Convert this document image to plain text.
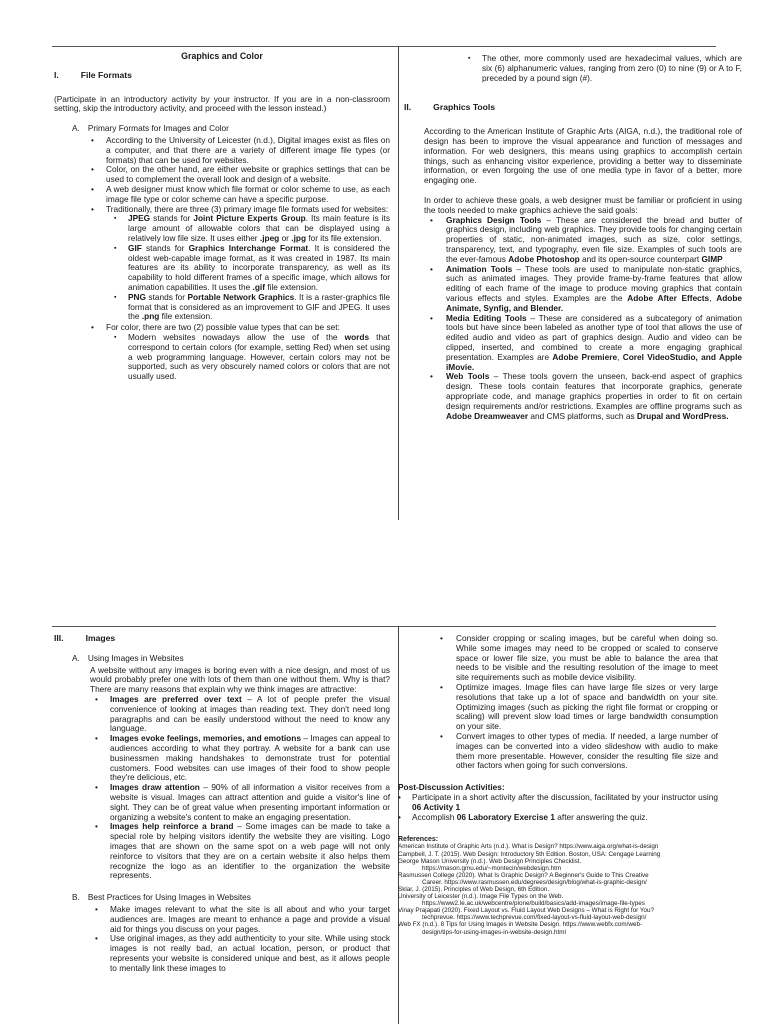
Graphics and Color
I.	File Formats

(Participate in an introductory activity by your instructor. If you are in a non-classroom setting, skip the introductory activity, and proceed with the lesson instead.)

A. Primary Formats for Images and Color
• According to the University of Leicester (n.d.), Digital images exist as files on a computer, and that there are a variety of different image file types (or formats) that can be used for websites.
• Color, on the other hand, are either website or graphics settings that can be used to complement the overall look and design of a website.
• A web designer must know which file format or color scheme to use, as each image file type or color scheme can have a specific purpose.
• Traditionally, there are three (3) primary image file formats used for websites:
▪ JPEG stands for Joint Picture Experts Group. Its main feature is its large amount of allowable colors that can be displayed using a relatively low file size. It uses either .jpeg or .jpg for its file extension.
▪ GIF stands for Graphics Interchange Format. It is considered the oldest web-capable image format, as it was created in 1987. Its main features are its ability to incorporate transparency, as well as its capability to hold different frames of a specific image, which allows for animation capabilities. It uses the .gif file extension.
▪ PNG stands for Portable Network Graphics. It is a raster-graphics file format that is considered as an improvement to GIF and JPEG. It uses the .png file extension.
• For color, there are two (2) possible value types that can be set:
▪ Modern websites nowadays allow the use of the words that correspond to certain colors (for example, setting Red) when set using a web programming language. However, certain colors may not be supported, such as very obscurely named colors or colors that are not usually used.
▪ The other, more commonly used are hexadecimal values, which are six (6) alphanumeric values, ranging from zero (0) to nine (9) or A to F, preceded by a pound sign (#).
II.	Graphics Tools

According to the American Institute of Graphic Arts (AIGA, n.d.), the traditional role of design has been to improve the visual appearance and function of messages and information. For web designers, this means using graphics to accomplish certain things, such as enhancing visitor experience, providing a better way to disseminate information, or even forgoing the use of one media type in favor of a better, more engaging one.

In order to achieve these goals, a web designer must be familiar or proficient in using the tools needed to make graphics achieve the said goals:

• Graphics Design Tools – These are considered the bread and butter of graphics design, including web graphics. They provide tools for changing certain properties of static, non-animated images, such as size, color settings, transparency, text, and typography, even file size. Examples of such tools are the ever-famous Adobe Photoshop and its open-source counterpart GIMP
• Animation Tools – These tools are used to manipulate non-static graphics, such as animated images. They provide frame-by-frame features that allow editing of each frame of the image to produce moving graphics that contain various effects and styles. Examples are the Adobe After Effects, Adobe Animate, Synfig, and Blender.
• Media Editing Tools – These are considered as a subcategory of animation tools but have since been labeled as another type of tool that allows the use of edited audio and video as part of graphics design. Audio and video can be clipped, inserted, and combined to create a more engaging graphical presentation. Examples are Adobe Premiere, Corel VideoStudio, and Apple iMovie.
• Web Tools – These tools govern the unseen, back-end aspect of graphics design. These tools contain features that incorporate graphics, generate appropriate code, and manage graphics properties in order to fit on certain design requirements and/or restrictions. Examples are offline programs such as Adobe Dreamweaver and CMS platforms, such as Drupal and WordPress.
III.	Images
A. Using Images in Websites

A website without any images is boring even with a nice design, and most of us would probably prefer one with lots of them than one without them. Why is that? There are many reasons that explain why we think images are attractive:

• Images are preferred over text – A lot of people prefer the visual convenience of looking at images than reading text. They don't need long paragraphs and can be easily understood without the need to know any language.
• Images evoke feelings, memories, and emotions – Images can appeal to audiences according to what they portray. A website for a bank can use businessmen making handshakes to demonstrate trust for potential customers. Food websites can use images of their food to show people they're delicious, etc.
• Images draw attention – 90% of all information a visitor receives from a website is visual. Images can attract attention and guide a visitor's line of sight. They can be of great value when presenting important information or organizing a website's content to make an engaging presentation.
• Images help reinforce a brand – Some images can be made to take a special role by helping visitors identify the website they are visiting. Logo images that are shown on the same spot on a web page will not only reinforce to visitors that they are on a certain website it also helps them recognize the logo as an identifier to the organization the website represents.
B. Best Practices for Using Images in Websites
• Make images relevant to what the site is all about and who your target audiences are. Images are meant to enhance a page and provide a visual aid for things you discuss on your pages.
• Use original images, as they add authenticity to your site. While using stock images is not really bad, an actual location, person, or product that represents your website is considered unique and best, as it allows people to mentally link these images to
• Consider cropping or scaling images, but be careful when doing so. While some images may need to be cropped or scaled to conserve space or lower file size, you must be able to balance the area that needs to be visible and the resulting resolution of the image to meet site requirements such as mobile device visibility.
• Optimize images. Image files can have large file sizes or very large resolutions that take up a lot of space and bandwidth on your site. Optimizing images (such as picking the right file format or cropping or scaling) will prevent slow load times or large bandwidth consumption on your site.
• Convert images to other types of media. If needed, a large number of images can be converted into a video slideshow with audio to make them more presentable. However, consider the resulting file size and other factors when going for such conversions.
Post-Discussion Activities:
• Participate in a short activity after the discussion, facilitated by your instructor using 06 Activity 1
• Accomplish 06 Laboratory Exercise 1 after answering the quiz.
References:
American Institute of Graphic Arts (n.d.). What is Design? https://www.aiga.org/what-is-design
Campbell, J. T. (2015). Web Design: Introductory 5th Edition. Boston, USA: Cengage Learning
George Mason University (n.d.). Web Design Principles Checklist.
https://mason.gmu.edu/~montecin/webdesign.htm
Rasmussen College (2020). What Is Graphic Design? A Beginner's Guide to This Creative
Career. https://www.rasmussen.edu/degrees/design/blog/what-is-graphic-design/
Sklar, J. (2015). Principles of Web Design, 6th Edition.
University of Leicester (n.d.). Image File Types on the Web.
https://www2.le.ac.uk/webcentre/plone/build/basics/add-images/image-file-types
Vinay Prajapati (2020). Fixed Layout vs. Fluid Layout Web Designs – What is Right for You?
techprevue. https://www.techprevue.com/fixed-layout-vs-fluid-layout-web-design/
Web FX (n.d.). 8 Tips for Using Images in Website Design. https://www.webfx.com/web-
design/tips-for-using-images-in-website-design.html
